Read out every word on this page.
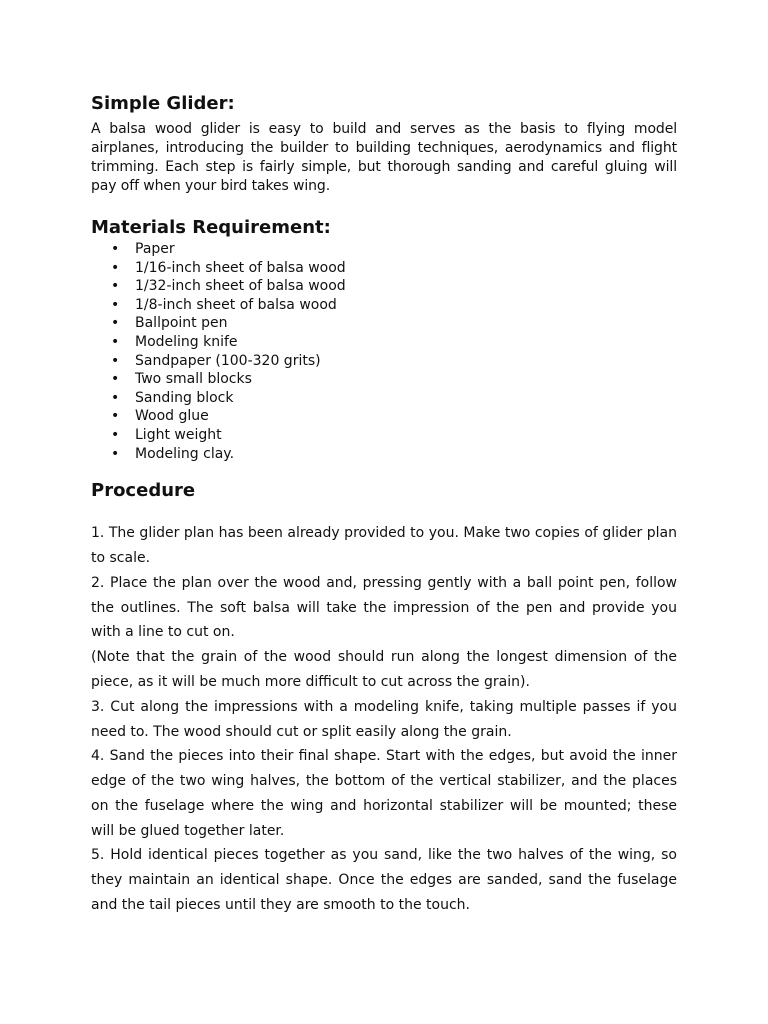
Simple Glider:

A balsa wood glider is easy to build and serves as the basis to flying model airplanes, introducing the builder to building techniques, aerodynamics and flight trimming. Each step is fairly simple, but thorough sanding and careful gluing will pay off when your bird takes wing.

Materials Requirement:
• Paper
• 1/16-inch sheet of balsa wood
• 1/32-inch sheet of balsa wood
• 1/8-inch sheet of balsa wood
• Ballpoint pen
• Modeling knife
• Sandpaper (100-320 grits)
• Two small blocks
• Sanding block
• Wood glue
• Light weight
• Modeling clay.
Procedure

1. The glider plan has been already provided to you. Make two copies of glider plan to scale.

2. Place the plan over the wood and, pressing gently with a ball point pen, follow the outlines. The soft balsa will take the impression of the pen and provide you with a line to cut on.

(Note that the grain of the wood should run along the longest dimension of the piece, as it will be much more difficult to cut across the grain).

3. Cut along the impressions with a modeling knife, taking multiple passes if you need to. The wood should cut or split easily along the grain.

4. Sand the pieces into their final shape. Start with the edges, but avoid the inner edge of the two wing halves, the bottom of the vertical stabilizer, and the places on the fuselage where the wing and horizontal stabilizer will be mounted; these will be glued together later.

5. Hold identical pieces together as you sand, like the two halves of the wing, so they maintain an identical shape. Once the edges are sanded, sand the fuselage and the tail pieces until they are smooth to the touch.
